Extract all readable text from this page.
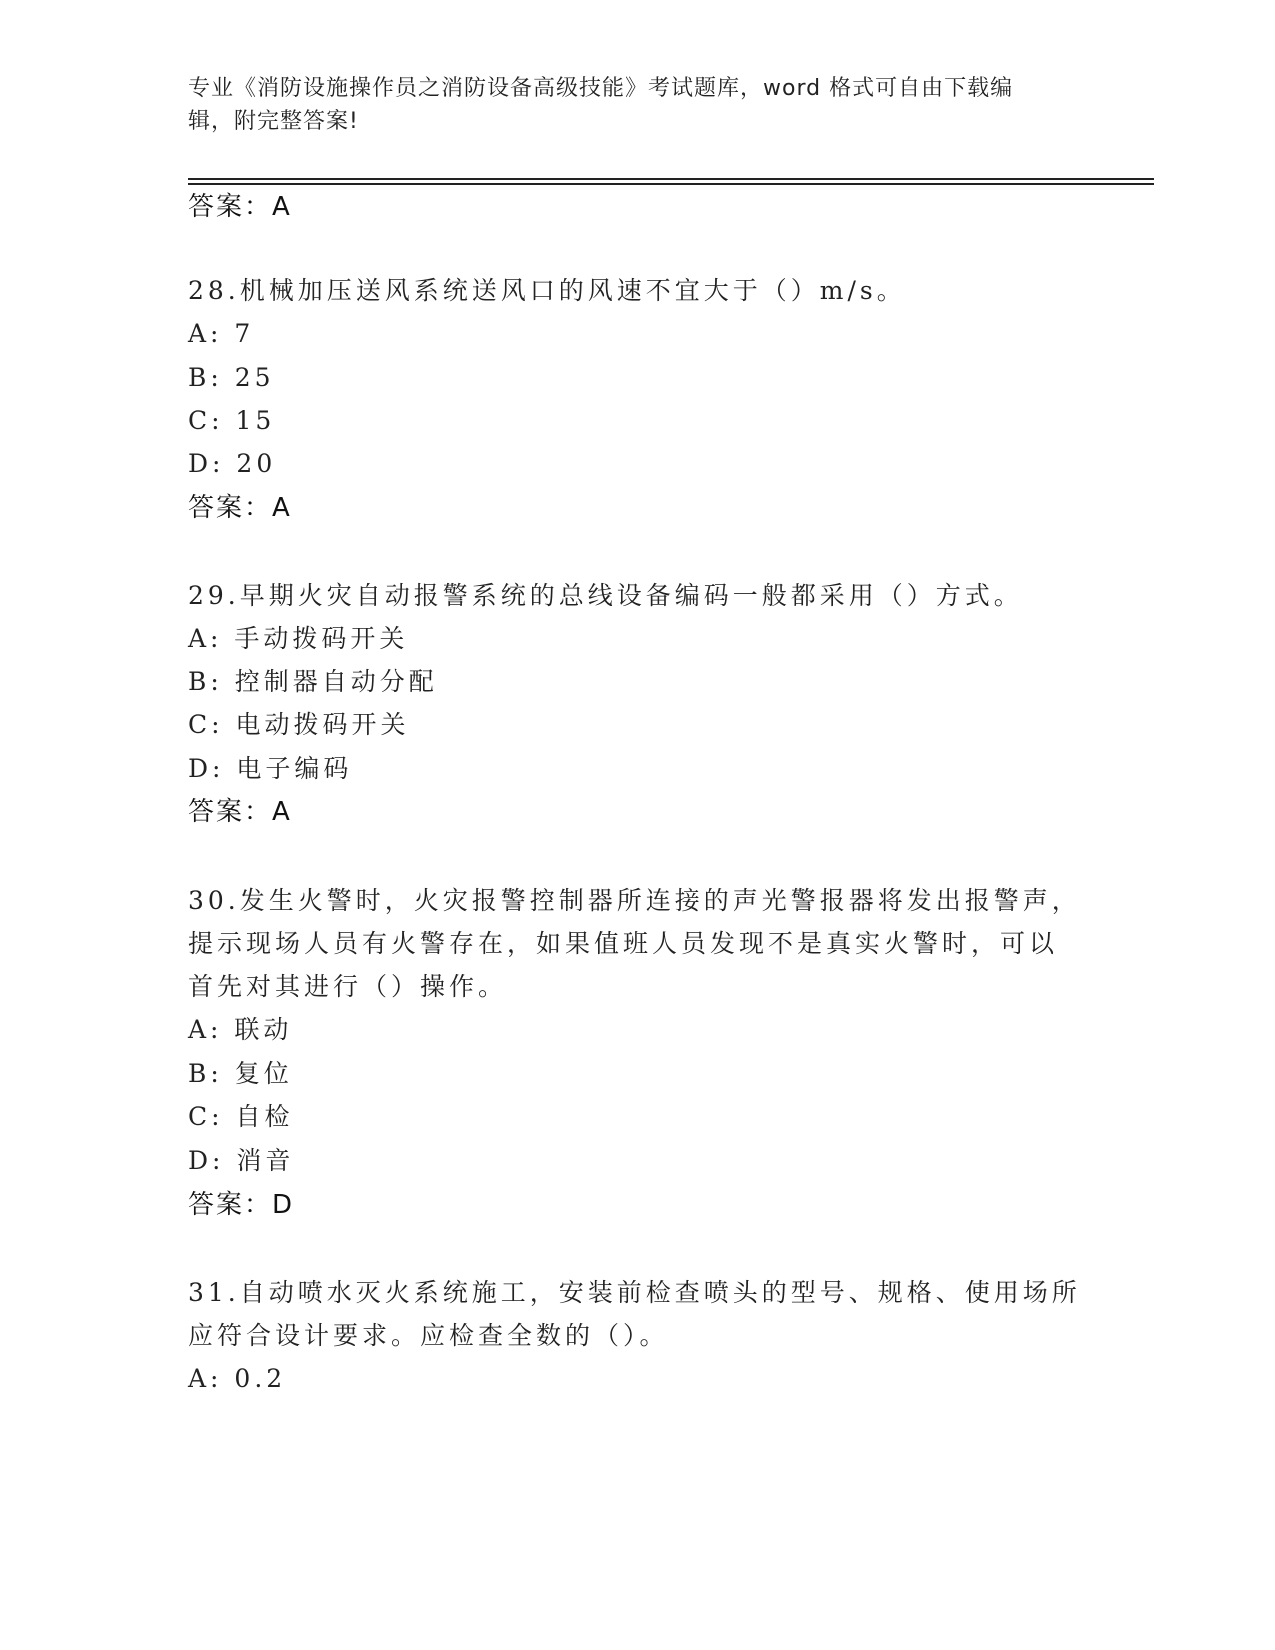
专业《消防设施操作员之消防设备高级技能》考试题库，word 格式可自由下载编
辑，附完整答案!
答案：A
28.机械加压送风系统送风口的风速不宜大于（）m/s。
A: 7
B: 25
C: 15
D: 20
答案：A
29.早期火灾自动报警系统的总线设备编码一般都采用（）方式。
A: 手动拨码开关
B: 控制器自动分配
C: 电动拨码开关
D: 电子编码
答案：A
30.发生火警时，火灾报警控制器所连接的声光警报器将发出报警声，
提示现场人员有火警存在，如果值班人员发现不是真实火警时，可以
首先对其进行（）操作。
A: 联动
B: 复位
C: 自检
D: 消音
答案：D
31.自动喷水灭火系统施工，安装前检查喷头的型号、规格、使用场所
应符合设计要求。应检查全数的（）。
A: 0.2
